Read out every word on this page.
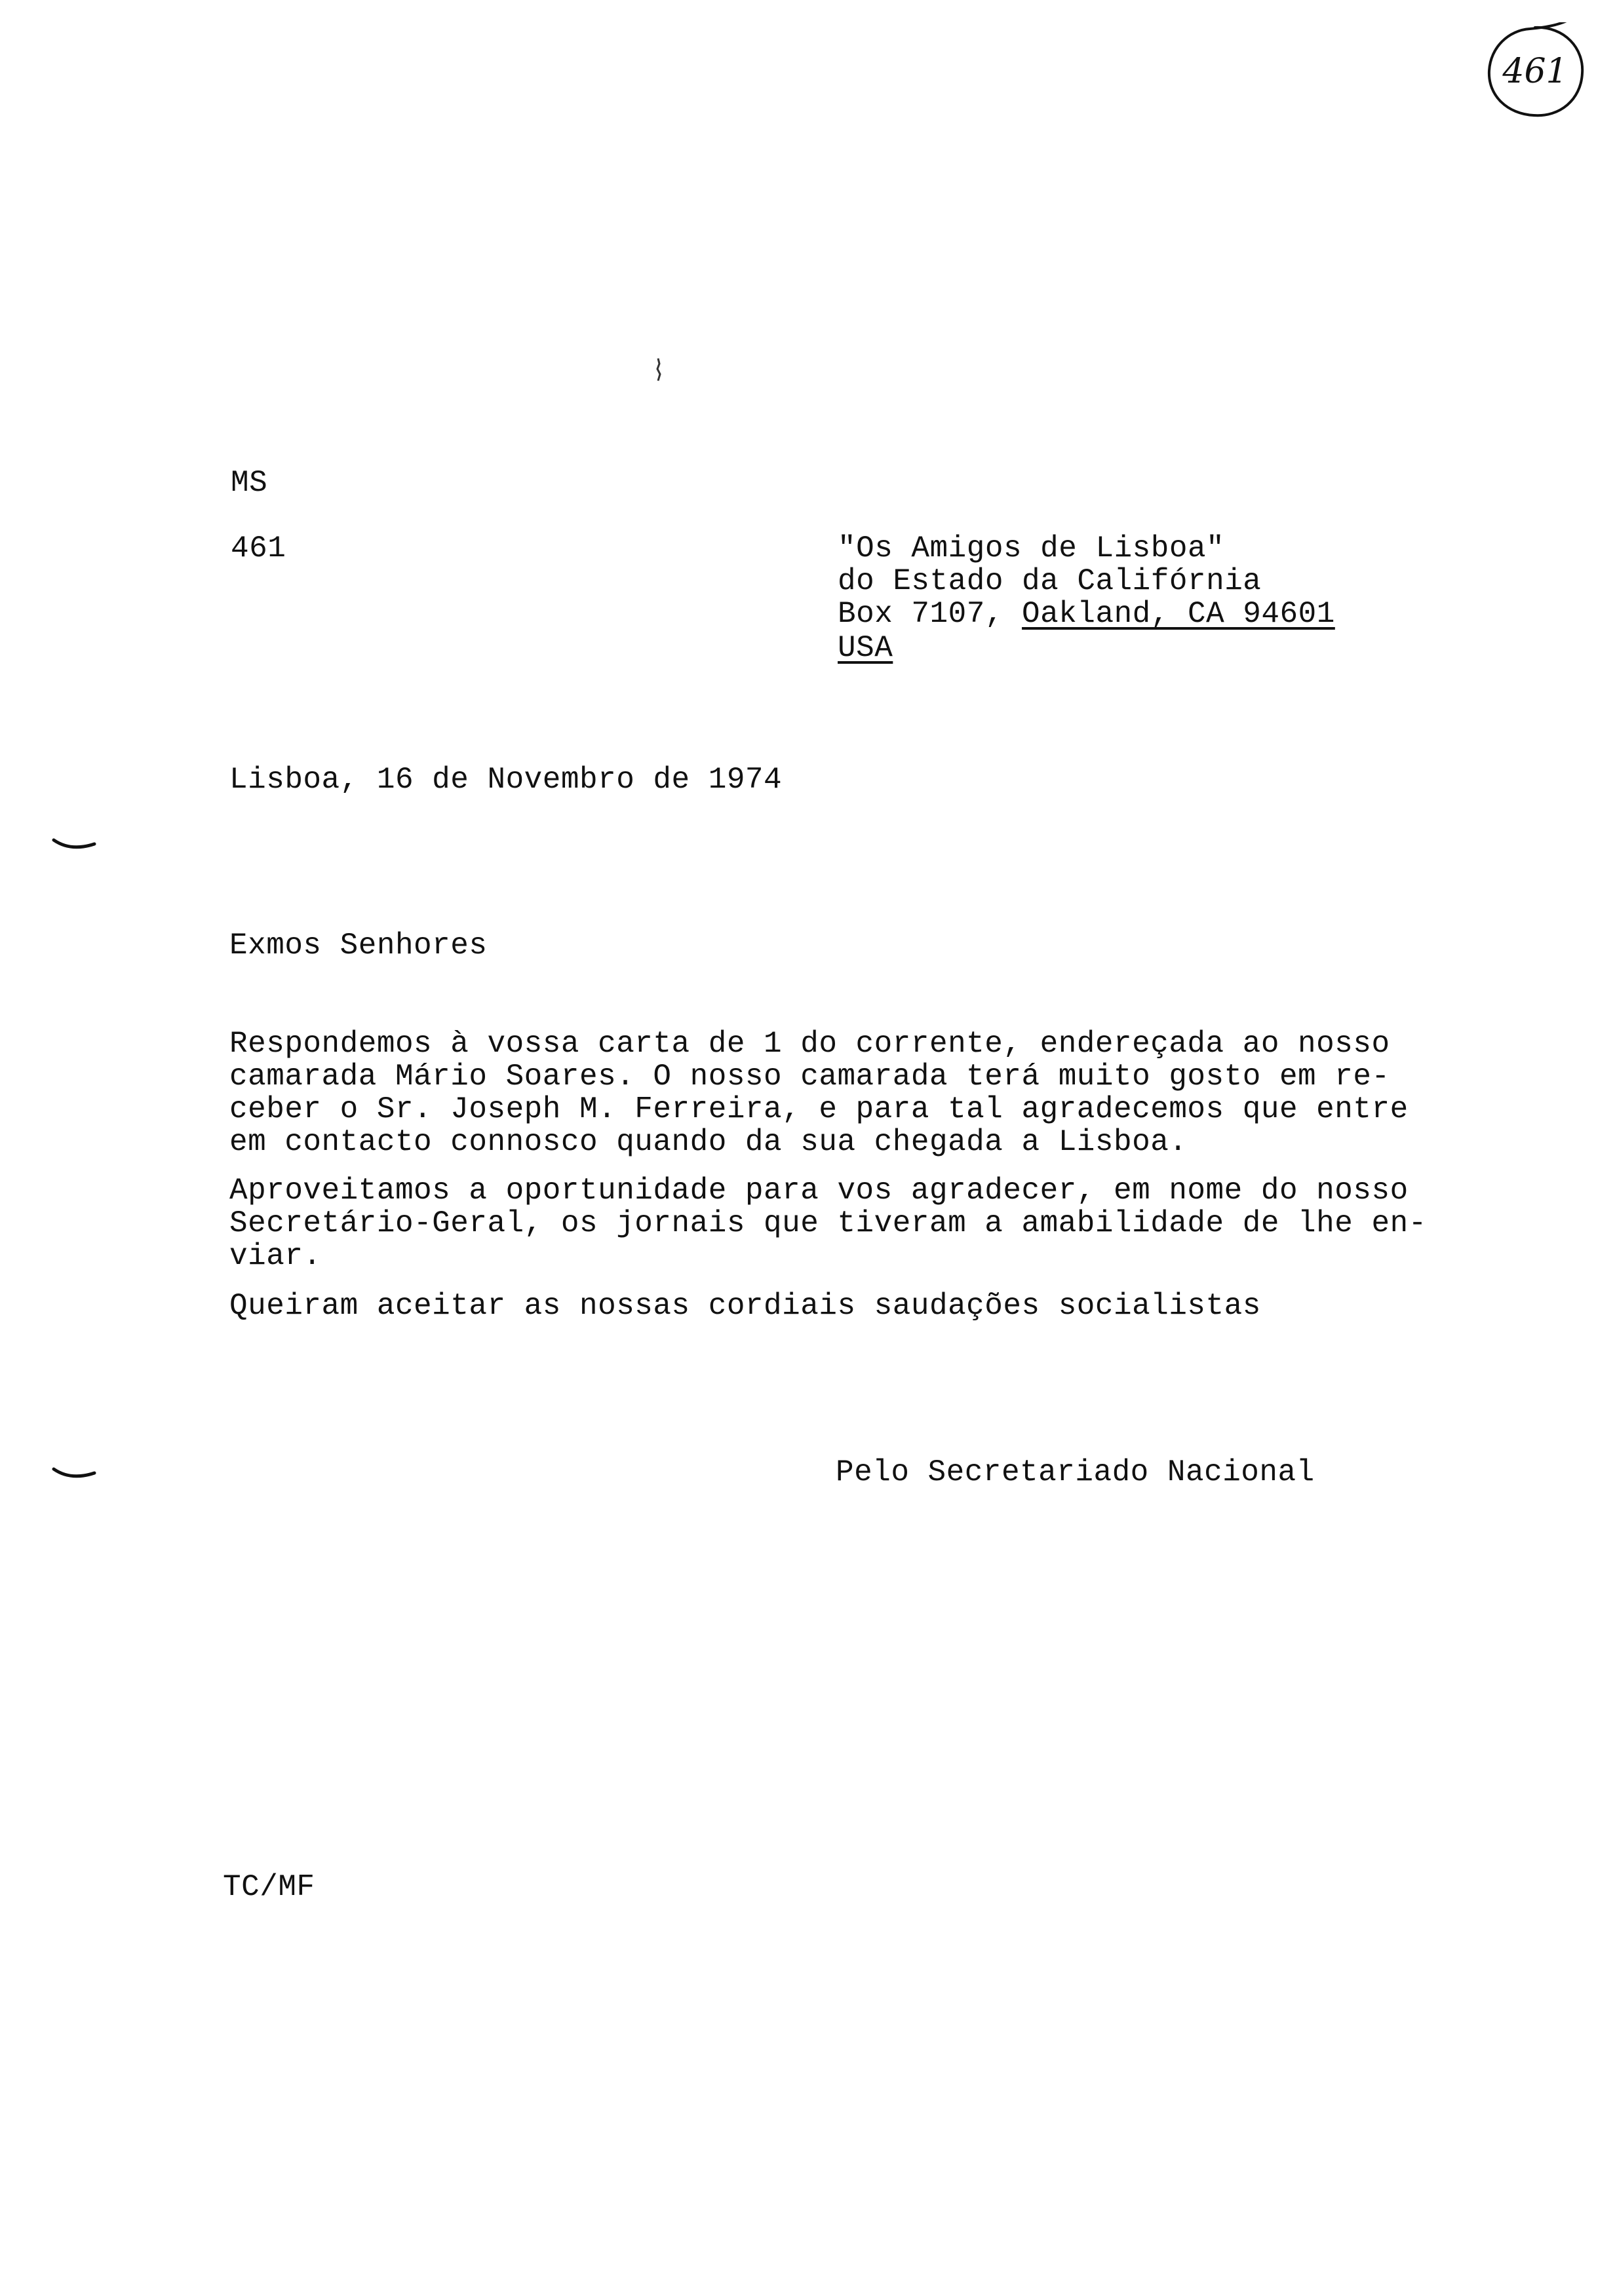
461
MS
461	"Os Amigos de Lisboa"
do Estado da Califórnia
Box 7107, Oakland, CA 94601
USA
Lisboa, 16 de Novembro de 1974
Exmos Senhores
Respondemos à vossa carta de 1 do corrente, endereçada ao nosso
camarada Mário Soares. O nosso camarada terá muito gosto em re-
ceber o Sr. Joseph M. Ferreira, e para tal agradecemos que entre
em contacto connosco quando da sua chegada a Lisboa.
Aproveitamos a oportunidade para vos agradecer, em nome do nosso
Secretário-Geral, os jornais que tiveram a amabilidade de lhe en-
viar.
Queiram aceitar as nossas cordiais saudações socialistas
Pelo Secretariado Nacional
TC/MF
